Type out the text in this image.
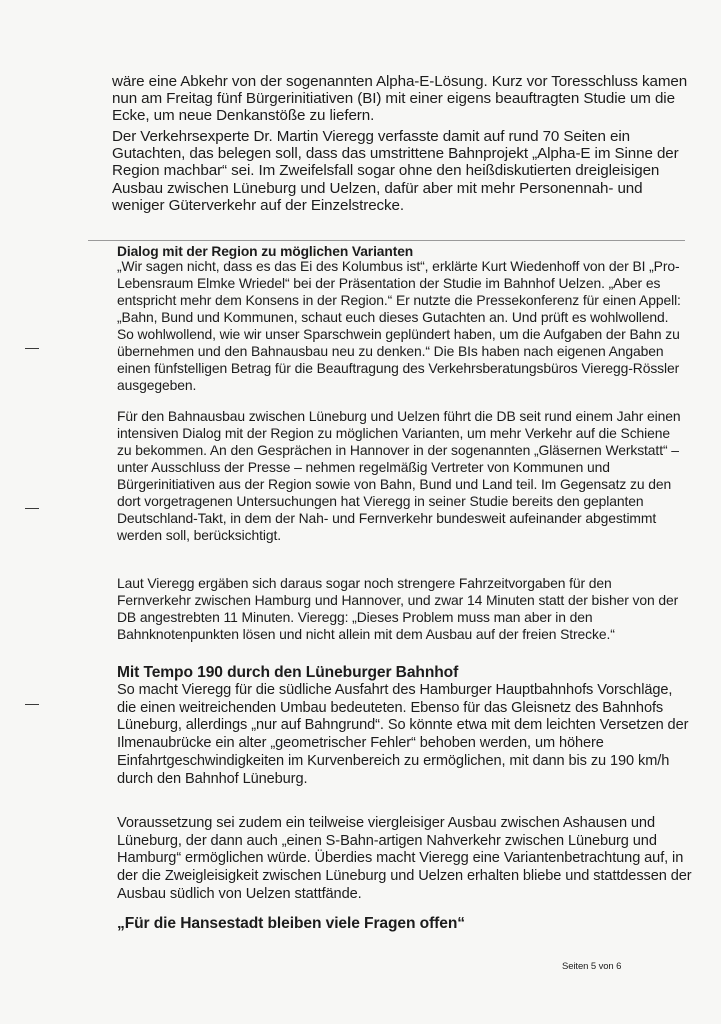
wäre eine Abkehr von der sogenannten Alpha-E-Lösung. Kurz vor Toresschluss kamen nun am Freitag fünf Bürgerinitiativen (BI) mit einer eigens beauftragten Studie um die Ecke, um neue Denkanstöße zu liefern.

Der Verkehrsexperte Dr. Martin Vieregg verfasste damit auf rund 70 Seiten ein Gutachten, das belegen soll, dass das umstrittene Bahnprojekt „Alpha-E im Sinne der Region machbar“ sei. Im Zweifelsfall sogar ohne den heißdiskutierten dreigleisigen Ausbau zwischen Lüneburg und Uelzen, dafür aber mit mehr Personennah- und weniger Güterverkehr auf der Einzelstrecke.

Dialog mit der Region zu möglichen Varianten

„Wir sagen nicht, dass es das Ei des Kolumbus ist“, erklärte Kurt Wiedenhoff von der BI „Pro-Lebensraum Elmke Wriedel“ bei der Präsentation der Studie im Bahnhof Uelzen. „Aber es entspricht mehr dem Konsens in der Region.“ Er nutzte die Pressekonferenz für einen Appell: „Bahn, Bund und Kommunen, schaut euch dieses Gutachten an. Und prüft es wohlwollend. So wohlwollend, wie wir unser Sparschwein geplündert haben, um die Aufgaben der Bahn zu übernehmen und den Bahnausbau neu zu denken.“ Die BIs haben nach eigenen Angaben einen fünfstelligen Betrag für die Beauftragung des Verkehrsberatungsbüros Vieregg-Rössler ausgegeben.

Für den Bahnausbau zwischen Lüneburg und Uelzen führt die DB seit rund einem Jahr einen intensiven Dialog mit der Region zu möglichen Varianten, um mehr Verkehr auf die Schiene zu bekommen. An den Gesprächen in Hannover in der sogenannten „Gläsernen Werkstatt“ – unter Ausschluss der Presse – nehmen regelmäßig Vertreter von Kommunen und Bürgerinitiativen aus der Region sowie von Bahn, Bund und Land teil. Im Gegensatz zu den dort vorgetragenen Untersuchungen hat Vieregg in seiner Studie bereits den geplanten Deutschland-Takt, in dem der Nah- und Fernverkehr bundesweit aufeinander abgestimmt werden soll, berücksichtigt.

Laut Vieregg ergäben sich daraus sogar noch strengere Fahrzeitvorgaben für den Fernverkehr zwischen Hamburg und Hannover, und zwar 14 Minuten statt der bisher von der DB angestrebten 11 Minuten. Vieregg: „Dieses Problem muss man aber in den Bahnknotenpunkten lösen und nicht allein mit dem Ausbau auf der freien Strecke.“

Mit Tempo 190 durch den Lüneburger Bahnhof

So macht Vieregg für die südliche Ausfahrt des Hamburger Hauptbahnhofs Vorschläge, die einen weitreichenden Umbau bedeuteten. Ebenso für das Gleisnetz des Bahnhofs Lüneburg, allerdings „nur auf Bahngrund“. So könnte etwa mit dem leichten Versetzen der Ilmenaubrücke ein alter „geometrischer Fehler“ behoben werden, um höhere Einfahrtgeschwindigkeiten im Kurvenbereich zu ermöglichen, mit dann bis zu 190 km/h durch den Bahnhof Lüneburg.

Voraussetzung sei zudem ein teilweise viergleisiger Ausbau zwischen Ashausen und Lüneburg, der dann auch „einen S-Bahn-artigen Nahverkehr zwischen Lüneburg und Hamburg“ ermöglichen würde. Überdies macht Vieregg eine Variantenbetrachtung auf, in der die Zweigleisigkeit zwischen Lüneburg und Uelzen erhalten bliebe und stattdessen der Ausbau südlich von Uelzen stattfände.

„Für die Hansestadt bleiben viele Fragen offen“
Seiten 5 von 6
